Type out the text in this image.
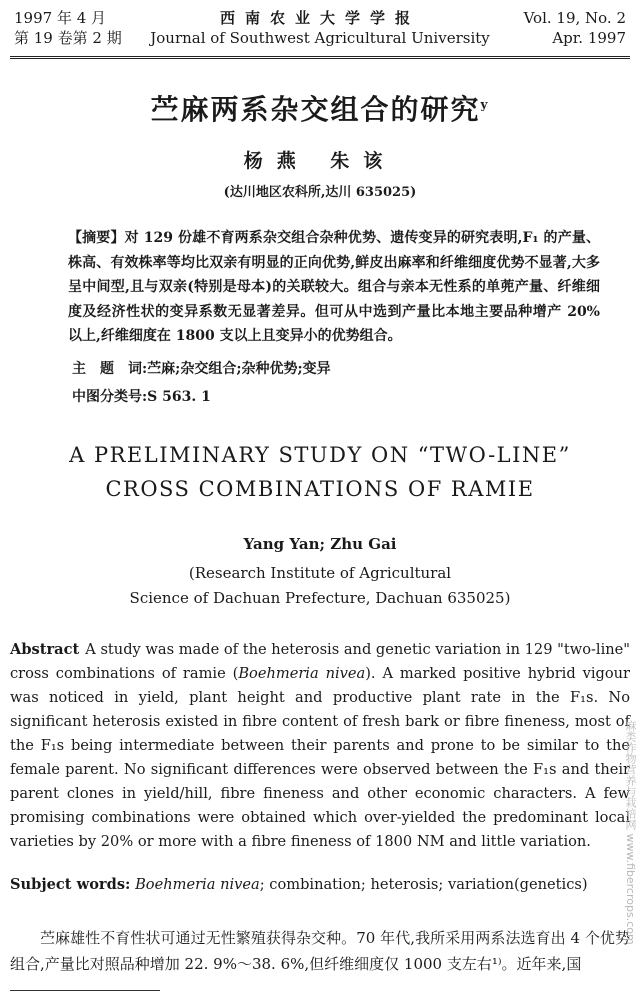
1997 年 4 月
第 19 卷第 2 期
西南农业大学学报
Journal of Southwest Agricultural University
Vol. 19, No. 2
Apr. 1997
苎麻两系杂交组合的研究$^y$
杨燕 朱该
(达川地区农科所,达川 635025)
【摘要】对 129 份雄不育两系杂交组合杂种优势、遗传变异的研究表明,F₁ 的产量、株高、有效株率等均比双亲有明显的正向优势,鲜皮出麻率和纤维细度优势不显著,大多呈中间型,且与双亲(特别是母本)的关联较大。组合与亲本无性系的单蔸产量、纤维细度及经济性状的变异系数无显著差异。但可从中选到产量比本地主要品种增产 20% 以上,纤维细度在 1800 支以上且变异小的优势组合。
主　题　词:苎麻;杂交组合;杂种优势;变异
中图分类号:S 563. 1
A PRELIMINARY STUDY ON “TWO-LINE”
CROSS COMBINATIONS OF RAMIE
Yang Yan; Zhu Gai
(Research Institute of Agricultural
Science of Dachuan Prefecture, Dachuan 635025)
Abstract A study was made of the heterosis and genetic variation in 129 "two-line" cross combinations of ramie (Boehmeria nivea). A marked positive hybrid vigour was noticed in yield, plant height and productive plant rate in the F₁s. No significant heterosis existed in fibre content of fresh bark or fibre fineness, most of the F₁s being intermediate between their parents and prone to be similar to the female parent. No significant differences were observed between the F₁s and their parent clones in yield/hill, fibre fineness and other economic characters. A few promising combinations were obtained which over-yielded the predominant local varieties by 20% or more with a fibre fineness of 1800 NM and little variation.
Subject words: Boehmeria nivea; combination; heterosis; variation(genetics)
苎麻雄性不育性状可通过无性繁殖获得杂交种。70 年代,我所采用两系法选育出 4 个优势组合,产量比对照品种增加 22. 9%～38. 6%,但纤维细度仅 1000 支左右¹⁾。近年来,国
麻类作物营养与栽培网 www.fibercrops.com
